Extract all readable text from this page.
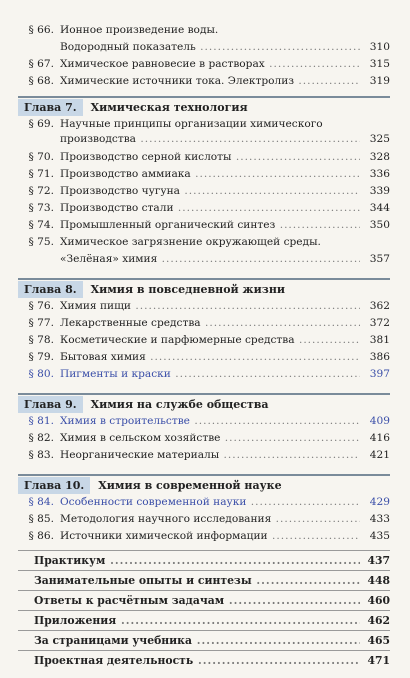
§ 66. Ионное произведение воды.
Водородный показатель .....	310
§ 67. Химическое равновесие в растворах .....	315
§ 68. Химические источники тока. Электролиз .....	319
Глава 7.	Химическая технология
§ 69. Научные принципы организации химического
производства .....	325
§ 70. Производство серной кислоты .....	328
§ 71. Производство аммиака .....	336
§ 72. Производство чугуна .....	339
§ 73. Производство стали .....	344
§ 74. Промышленный органический синтез .....	350
§ 75. Химическое загрязнение окружающей среды.
«Зелёная» химия .....	357
Глава 8.	Химия в повседневной жизни
§ 76. Химия пищи .....	362
§ 77. Лекарственные средства .....	372
§ 78. Косметические и парфюмерные средства .....	381
§ 79. Бытовая химия .....	386
§ 80. Пигменты и краски .....	397
Глава 9.	Химия на службе общества
§ 81. Химия в строительстве .....	409
§ 82. Химия в сельском хозяйстве .....	416
§ 83. Неорганические материалы .....	421
Глава 10.	Химия в современной науке
§ 84. Особенности современной науки .....	429
§ 85. Методология научного исследования .....	433
§ 86. Источники химической информации .....	435
Практикум .....	437
Занимательные опыты и синтезы .....	448
Ответы к расчётным задачам .....	460
Приложения .....	462
За страницами учебника .....	465
Проектная деятельность .....	471
